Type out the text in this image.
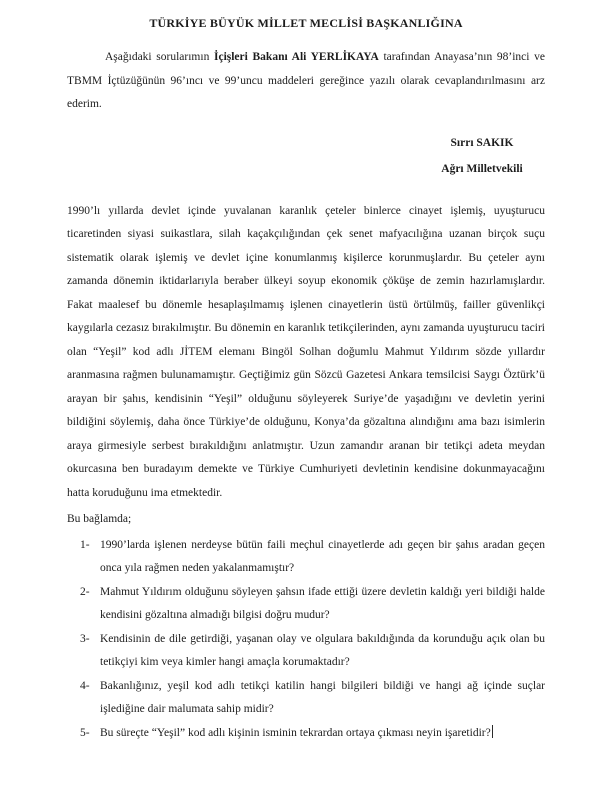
TÜRKİYE BÜYÜK MİLLET MECLİSİ BAŞKANLIĞINA

Aşağıdaki sorularımın İçişleri Bakanı Ali YERLİKAYA tarafından Anayasa’nın 98’inci ve TBMM İçtüzüğünün 96’ıncı ve 99’uncu maddeleri gereğince yazılı olarak cevaplandırılmasını arz ederim.

Sırrı SAKIK
Ağrı Milletvekili

1990’lı yıllarda devlet içinde yuvalanan karanlık çeteler binlerce cinayet işlemiş, uyuşturucu ticaretinden siyasi suikastlara, silah kaçakçılığından çek senet mafyacılığına uzanan birçok suçu sistematik olarak işlemiş ve devlet içine konumlanmış kişilerce korunmuşlardır. Bu çeteler aynı zamanda dönemin iktidarlarıyla beraber ülkeyi soyup ekonomik çöküşe de zemin hazırlamışlardır. Fakat maalesef bu dönemle hesaplaşılmamış işlenen cinayetlerin üstü örtülmüş, failler güvenlikçi kaygılarla cezasız bırakılmıştır. Bu dönemin en karanlık tetikçilerinden, aynı zamanda uyuşturucu taciri olan “Yeşil” kod adlı JİTEM elemanı Bingöl Solhan doğumlu Mahmut Yıldırım sözde yıllardır aranmasına rağmen bulunamamıştır. Geçtiğimiz gün Sözcü Gazetesi Ankara temsilcisi Saygı Öztürk’ü arayan bir şahıs, kendisinin “Yeşil” olduğunu söyleyerek Suriye’de yaşadığını ve devletin yerini bildiğini söylemiş, daha önce Türkiye’de olduğunu, Konya’da gözaltına alındığını ama bazı isimlerin araya girmesiyle serbest bırakıldığını anlatmıştır. Uzun zamandır aranan bir tetikçi adeta meydan okurcasına ben buradayım demekte ve Türkiye Cumhuriyeti devletinin kendisine dokunmayacağını hatta koruduğunu ima etmektedir.

Bu bağlamda;

1- 1990’larda işlenen nerdeyse bütün faili meçhul cinayetlerde adı geçen bir şahıs aradan geçen onca yıla rağmen neden yakalanmamıştır?
2- Mahmut Yıldırım olduğunu söyleyen şahsın ifade ettiği üzere devletin kaldığı yeri bildiği halde kendisini gözaltına almadığı bilgisi doğru mudur?
3- Kendisinin de dile getirdiği, yaşanan olay ve olgulara bakıldığında da korunduğu açık olan bu tetikçiyi kim veya kimler hangi amaçla korumaktadır?
4- Bakanlığınız, yeşil kod adlı tetikçi katilin hangi bilgileri bildiği ve hangi ağ içinde suçlar işlediğine dair malumata sahip midir?
5- Bu süreçte “Yeşil” kod adlı kişinin isminin tekrardan ortaya çıkması neyin işaretidir?
